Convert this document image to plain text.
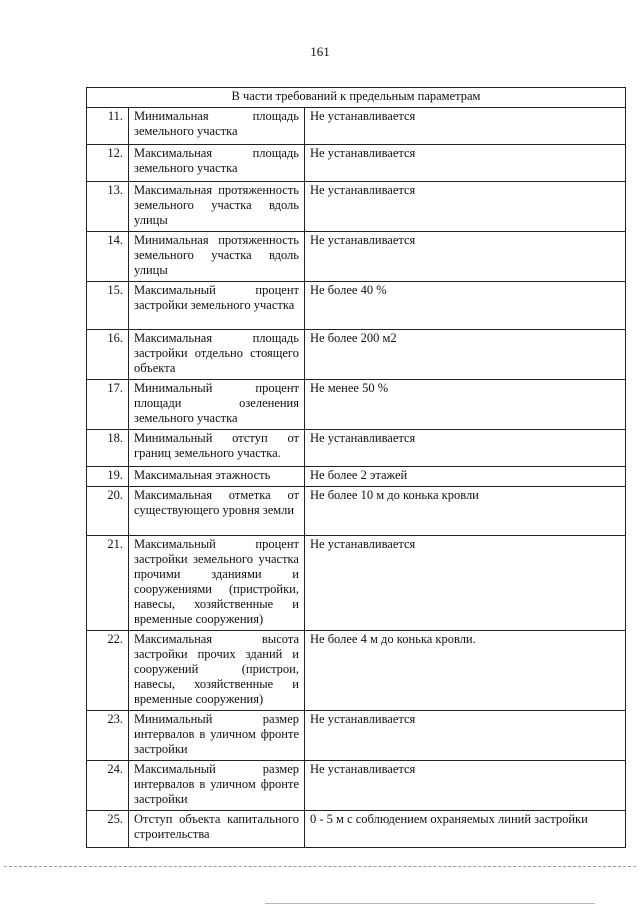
161
В части требований к предельным параметрам		
11.	Минимальная площадь земельного участка	Не устанавливается
12.	Максимальная площадь земельного участка	Не устанавливается
13.	Максимальная протяженность земельного участка вдоль улицы	Не устанавливается
14.	Минимальная протяженность земельного участка вдоль улицы	Не устанавливается
15.	Максимальный процент застройки земельного участка	Не более 40 %
16.	Максимальная площадь застройки отдельно стоящего объекта	Не более 200 м2
17.	Минимальный процент площади озеленения земельного участка	Не менее 50 %
18.	Минимальный отступ от границ земельного участка.	Не устанавливается
19.	Максимальная этажность	Не более 2 этажей
20.	Максимальная отметка от существующего уровня земли	Не более 10 м до конька кровли
21.	Максимальный процент застройки земельного участка прочими зданиями и сооружениями (пристройки, навесы, хозяйственные и временные сооружения)	Не устанавливается
22.	Максимальная высота застройки прочих зданий и сооружений (пристрои, навесы, хозяйственные и временные сооружения)	Не более 4 м до конька кровли.
23.	Минимальный размер интервалов в уличном фронте застройки	Не устанавливается
24.	Максимальный размер интервалов в уличном фронте застройки	Не устанавливается
25.	Отступ объекта капитального строительства	0 - 5 м с соблюдением охраняемых линий застройки
